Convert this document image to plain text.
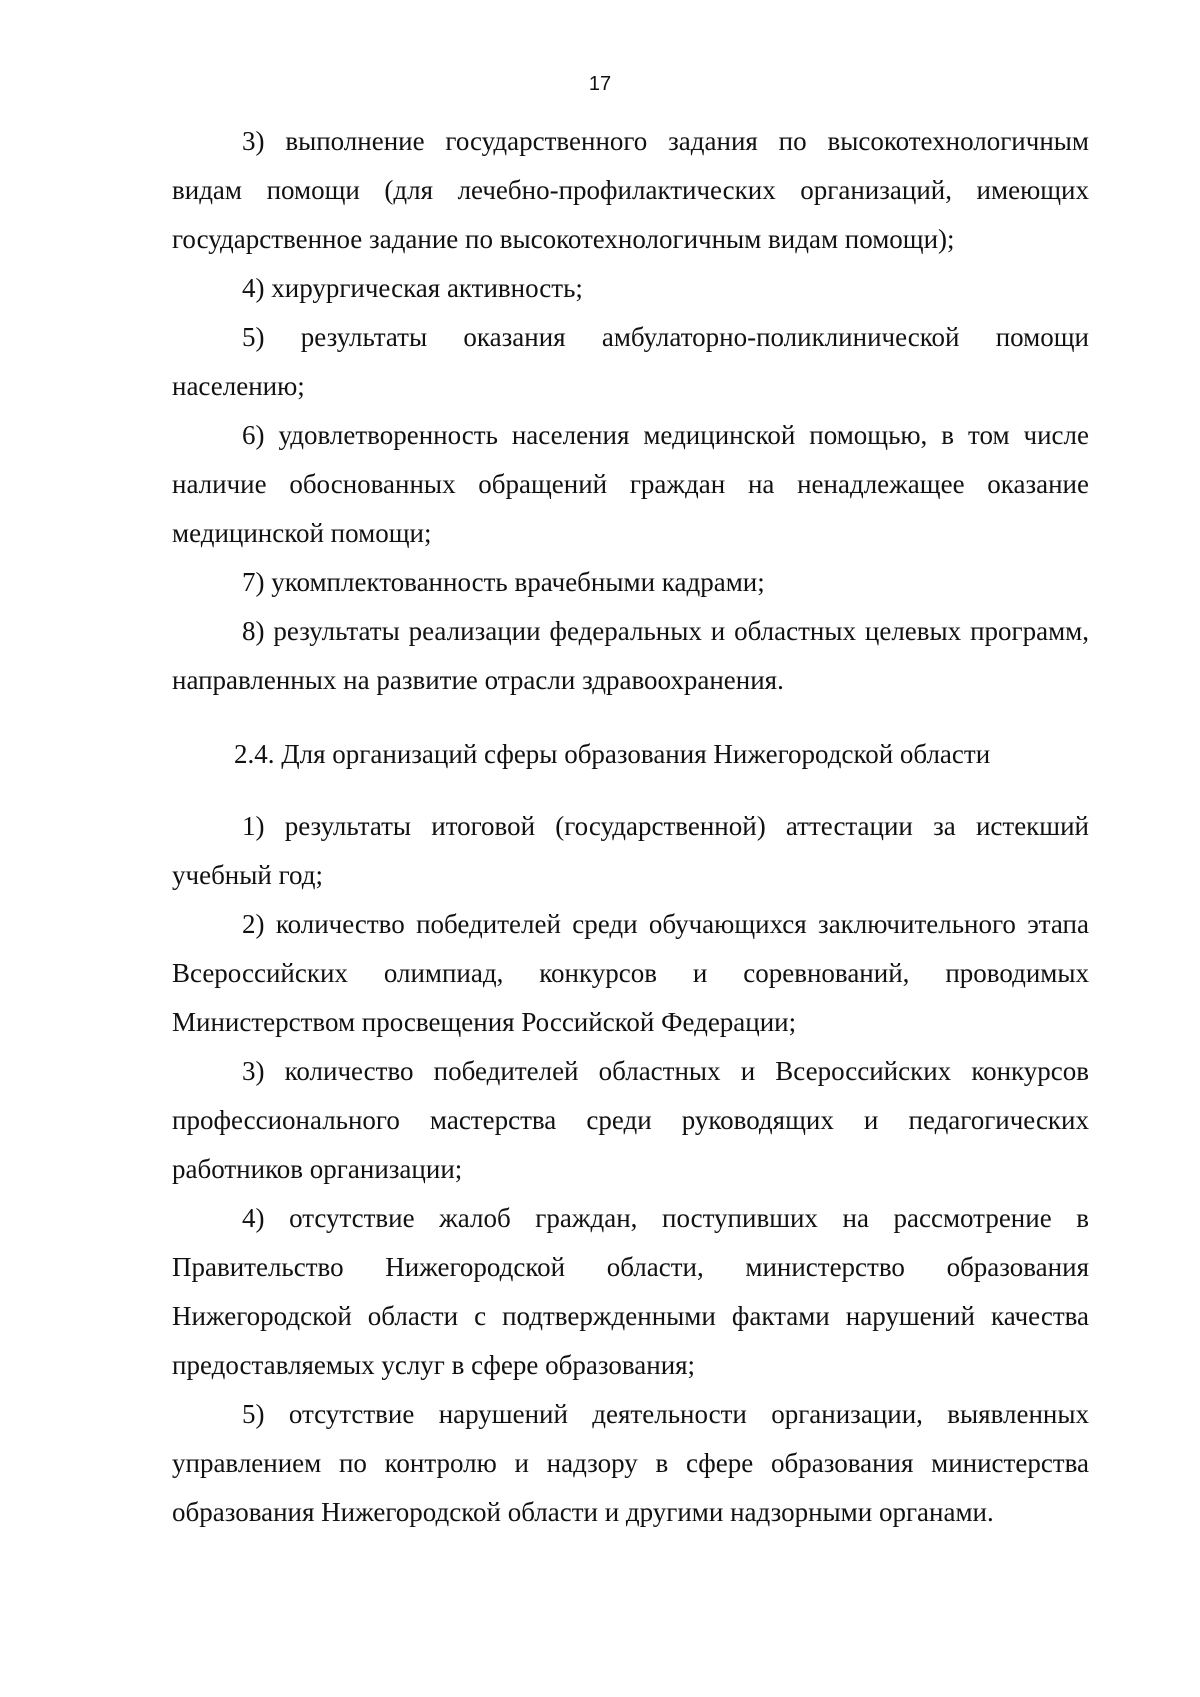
17

3) выполнение государственного задания по высокотехнологичным видам помощи (для лечебно-профилактических организаций, имеющих государственное задание по высокотехнологичным видам помощи);

4) хирургическая активность;

5) результаты оказания амбулаторно-поликлинической помощи населению;

6) удовлетворенность населения медицинской помощью, в том числе наличие обоснованных обращений граждан на ненадлежащее оказание медицинской помощи;

7) укомплектованность врачебными кадрами;

8) результаты реализации федеральных и областных целевых программ, направленных на развитие отрасли здравоохранения.

2.4. Для организаций сферы образования Нижегородской области

1) результаты итоговой (государственной) аттестации за истекший учебный год;

2) количество победителей среди обучающихся заключительного этапа Всероссийских олимпиад, конкурсов и соревнований, проводимых Министерством просвещения Российской Федерации;

3) количество победителей областных и Всероссийских конкурсов профессионального мастерства среди руководящих и педагогических работников организации;

4) отсутствие жалоб граждан, поступивших на рассмотрение в Правительство Нижегородской области, министерство образования Нижегородской области с подтвержденными фактами нарушений качества предоставляемых услуг в сфере образования;

5) отсутствие нарушений деятельности организации, выявленных управлением по контролю и надзору в сфере образования министерства образования Нижегородской области и другими надзорными органами.
